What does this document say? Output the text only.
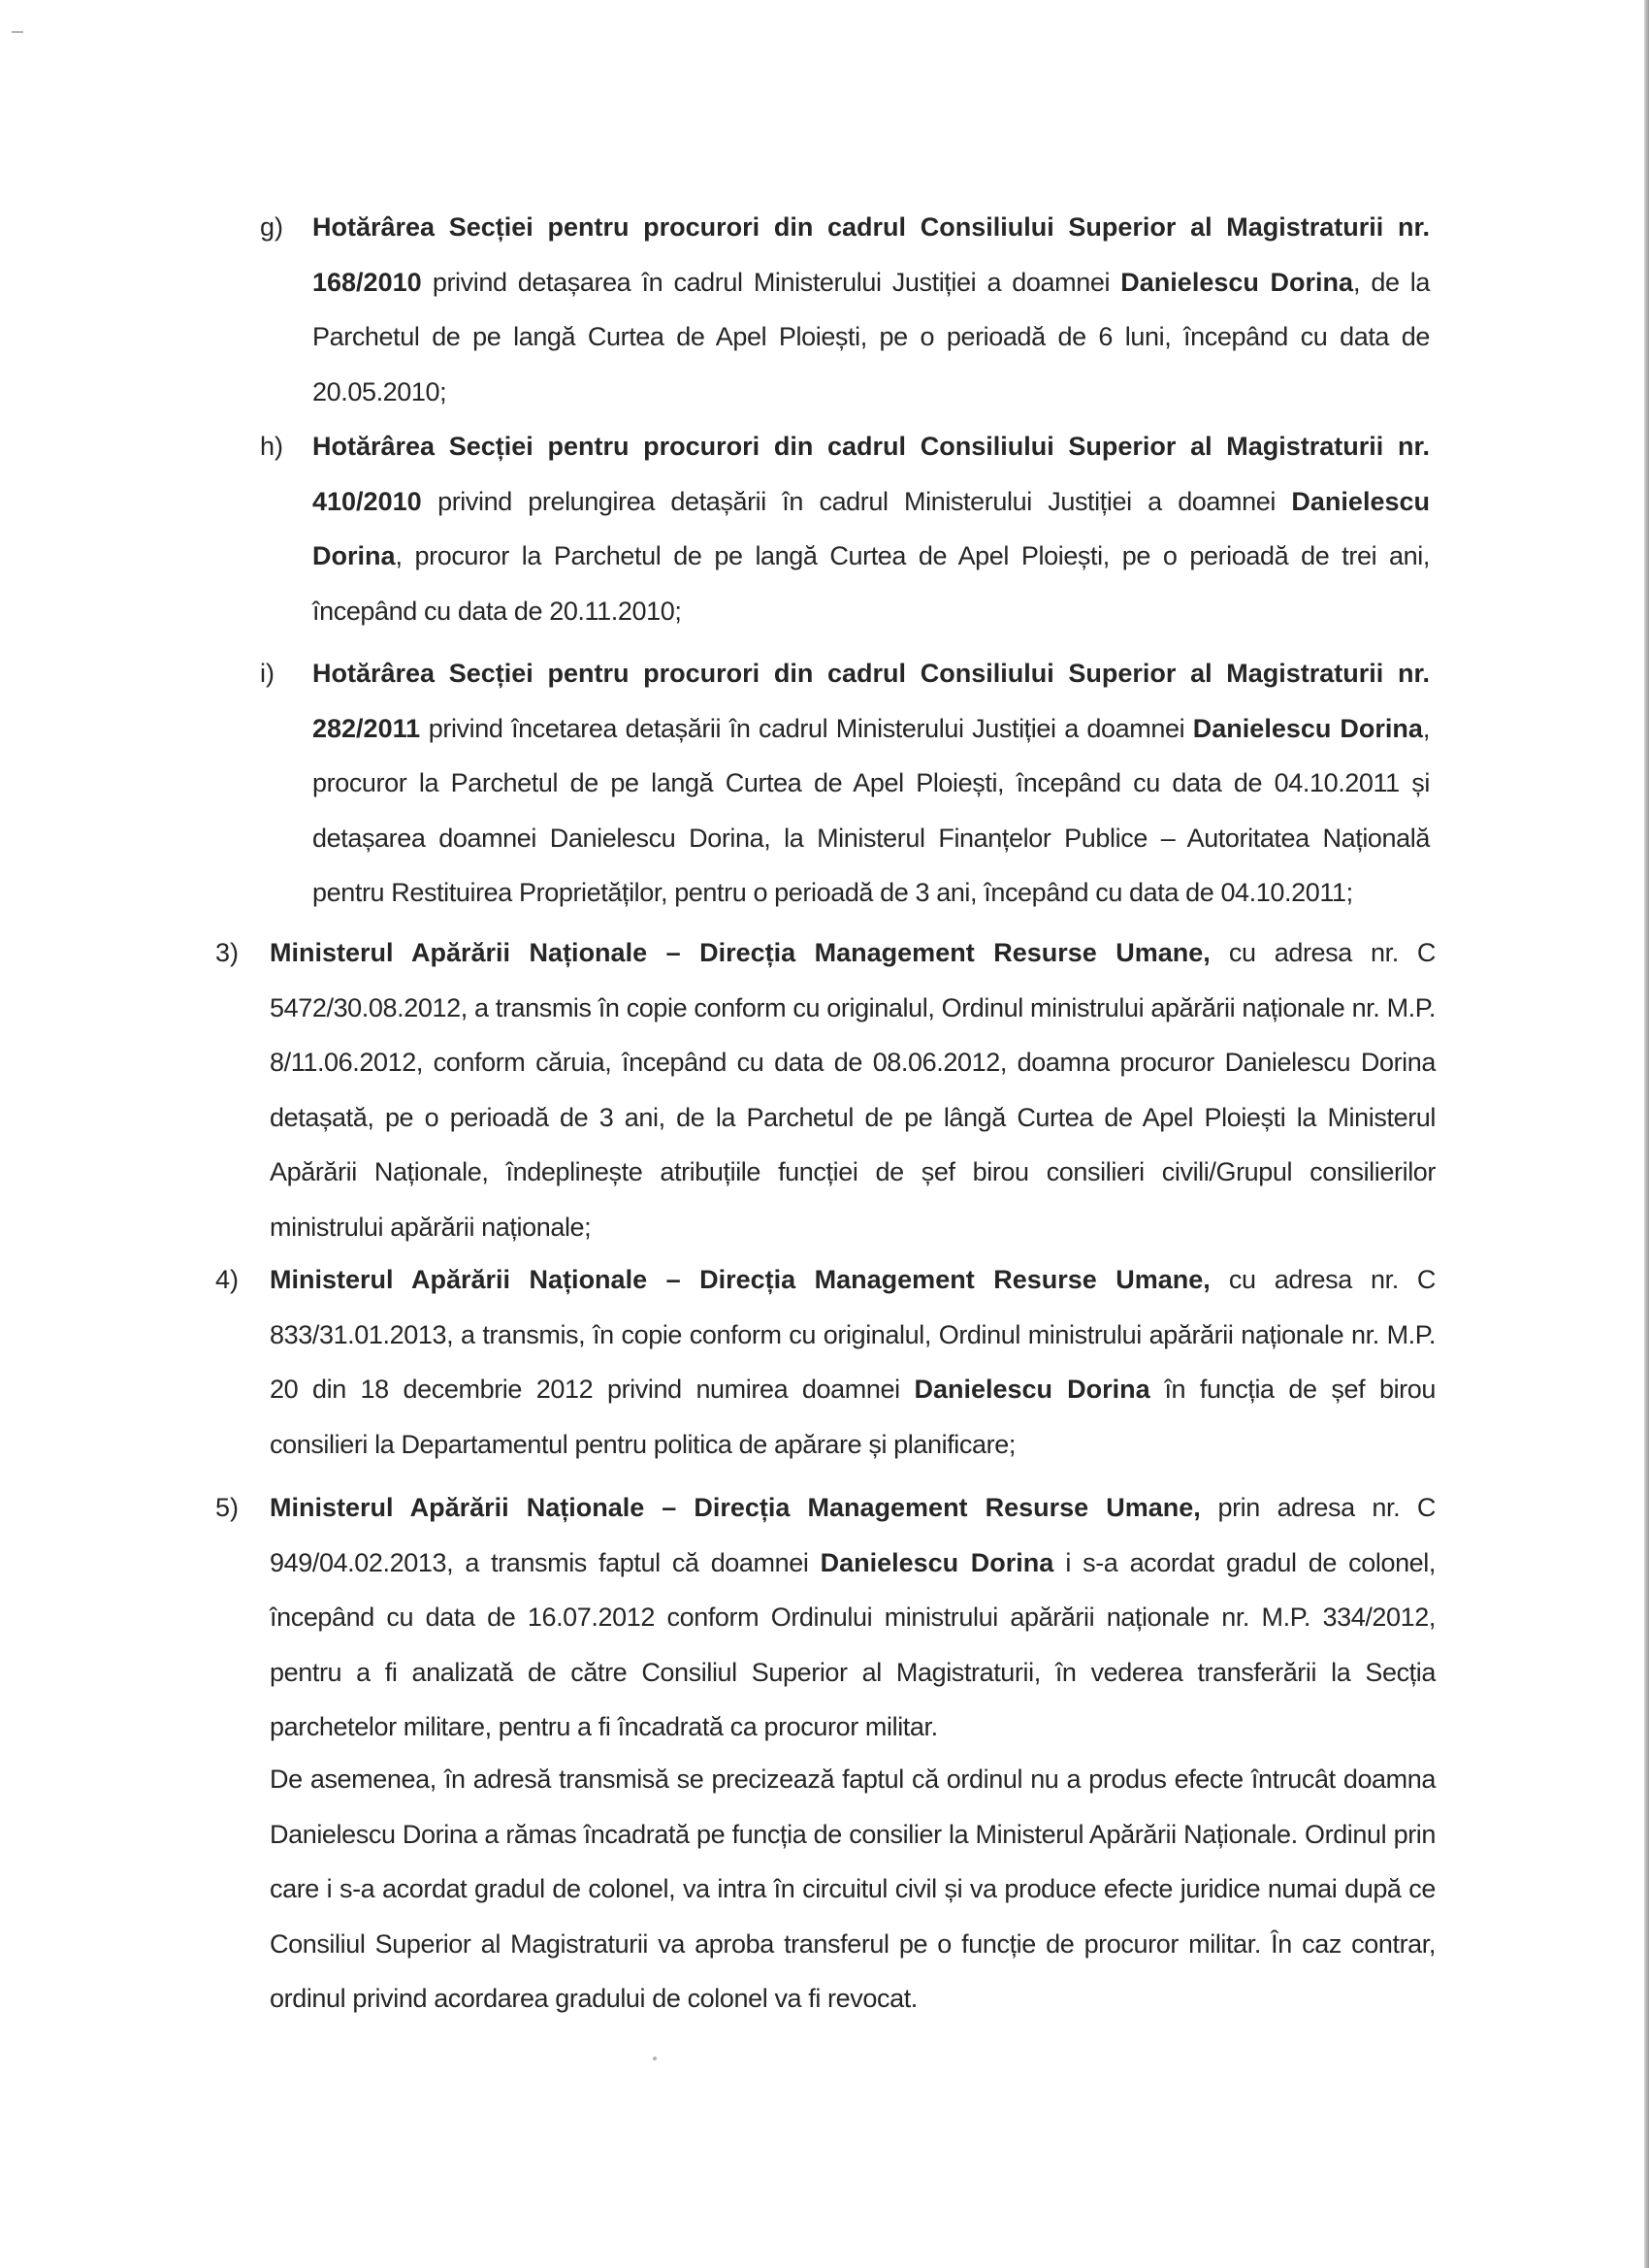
g) Hotărârea Secției pentru procurori din cadrul Consiliului Superior al Magistraturii nr. 168/2010 privind detașarea în cadrul Ministerului Justiției a doamnei Danielescu Dorina, de la Parchetul de pe langă Curtea de Apel Ploiești, pe o perioadă de 6 luni, începând cu data de 20.05.2010;

h) Hotărârea Secției pentru procurori din cadrul Consiliului Superior al Magistraturii nr. 410/2010 privind prelungirea detașării în cadrul Ministerului Justiției a doamnei Danielescu Dorina, procuror la Parchetul de pe langă Curtea de Apel Ploiești, pe o perioadă de trei ani, începând cu data de 20.11.2010;

i) Hotărârea Secției pentru procurori din cadrul Consiliului Superior al Magistraturii nr. 282/2011 privind încetarea detașării în cadrul Ministerului Justiției a doamnei Danielescu Dorina, procuror la Parchetul de pe langă Curtea de Apel Ploiești, începând cu data de 04.10.2011 și detașarea doamnei Danielescu Dorina, la Ministerul Finanțelor Publice – Autoritatea Națională pentru Restituirea Proprietăților, pentru o perioadă de 3 ani, începând cu data de 04.10.2011;

3) Ministerul Apărării Naționale – Direcția Management Resurse Umane, cu adresa nr. C 5472/30.08.2012, a transmis în copie conform cu originalul, Ordinul ministrului apărării naționale nr. M.P. 8/11.06.2012, conform căruia, începând cu data de 08.06.2012, doamna procuror Danielescu Dorina detașată, pe o perioadă de 3 ani, de la Parchetul de pe lângă Curtea de Apel Ploiești la Ministerul Apărării Naționale, îndeplinește atribuțiile funcției de șef birou consilieri civili/Grupul consilierilor ministrului apărării naționale;

4) Ministerul Apărării Naționale – Direcția Management Resurse Umane, cu adresa nr. C 833/31.01.2013, a transmis, în copie conform cu originalul, Ordinul ministrului apărării naționale nr. M.P. 20 din 18 decembrie 2012 privind numirea doamnei Danielescu Dorina în funcția de șef birou consilieri la Departamentul pentru politica de apărare și planificare;

5) Ministerul Apărării Naționale – Direcția Management Resurse Umane, prin adresa nr. C 949/04.02.2013, a transmis faptul că doamnei Danielescu Dorina i s-a acordat gradul de colonel, începând cu data de 16.07.2012 conform Ordinului ministrului apărării naționale nr. M.P. 334/2012, pentru a fi analizată de către Consiliul Superior al Magistraturii, în vederea transferării la Secția parchetelor militare, pentru a fi încadrată ca procuror militar.

De asemenea, în adresă transmisă se precizează faptul că ordinul nu a produs efecte întrucât doamna Danielescu Dorina a rămas încadrată pe funcția de consilier la Ministerul Apărării Naționale. Ordinul prin care i s-a acordat gradul de colonel, va intra în circuitul civil și va produce efecte juridice numai după ce Consiliul Superior al Magistraturii va aproba transferul pe o funcție de procuror militar. În caz contrar, ordinul privind acordarea gradului de colonel va fi revocat.
